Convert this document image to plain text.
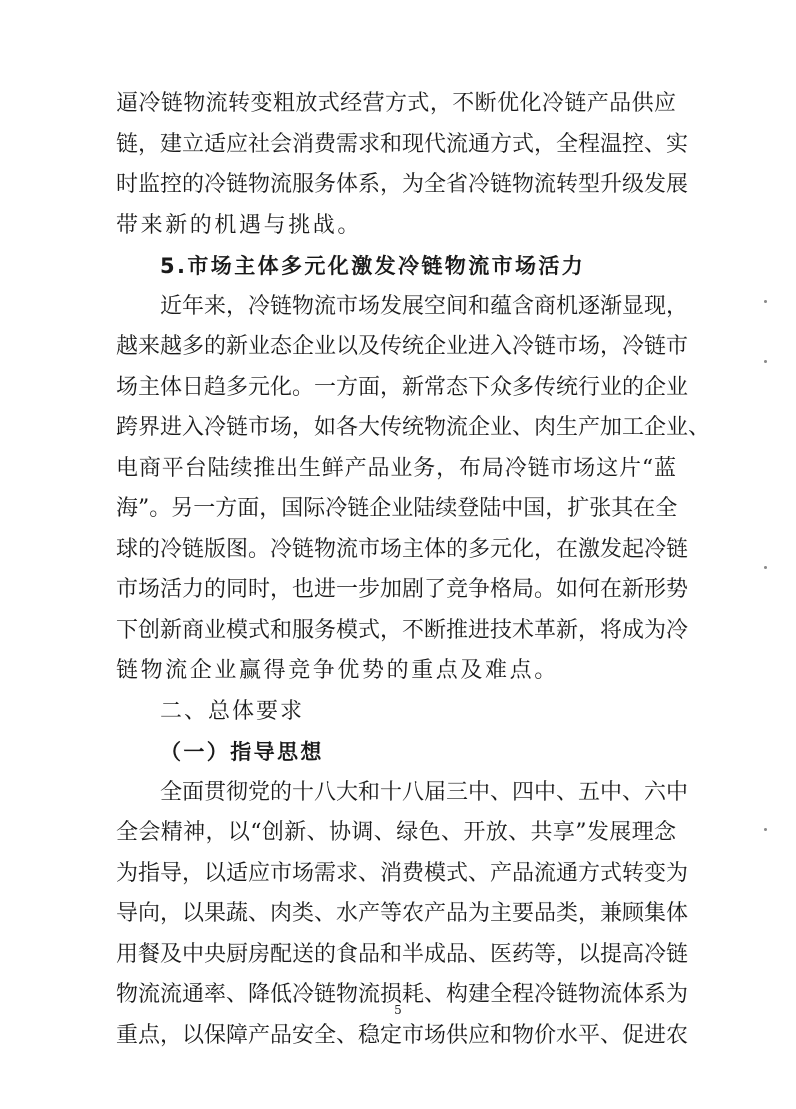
逼冷链物流转变粗放式经营方式，不断优化冷链产品供应
链，建立适应社会消费需求和现代流通方式，全程温控、实
时监控的冷链物流服务体系，为全省冷链物流转型升级发展
带来新的机遇与挑战。
5.市场主体多元化激发冷链物流市场活力
近年来，冷链物流市场发展空间和蕴含商机逐渐显现，
越来越多的新业态企业以及传统企业进入冷链市场，冷链市
场主体日趋多元化。一方面，新常态下众多传统行业的企业
跨界进入冷链市场，如各大传统物流企业、肉生产加工企业、
电商平台陆续推出生鲜产品业务，布局冷链市场这片“蓝
海”。另一方面，国际冷链企业陆续登陆中国，扩张其在全
球的冷链版图。冷链物流市场主体的多元化，在激发起冷链
市场活力的同时，也进一步加剧了竞争格局。如何在新形势
下创新商业模式和服务模式，不断推进技术革新，将成为冷
链物流企业赢得竞争优势的重点及难点。
二、总体要求
（一）指导思想
全面贯彻党的十八大和十八届三中、四中、五中、六中
全会精神，以“创新、协调、绿色、开放、共享”发展理念
为指导，以适应市场需求、消费模式、产品流通方式转变为
导向，以果蔬、肉类、水产等农产品为主要品类，兼顾集体
用餐及中央厨房配送的食品和半成品、医药等，以提高冷链
物流流通率、降低冷链物流损耗、构建全程冷链物流体系为
重点，以保障产品安全、稳定市场供应和物价水平、促进农
5
